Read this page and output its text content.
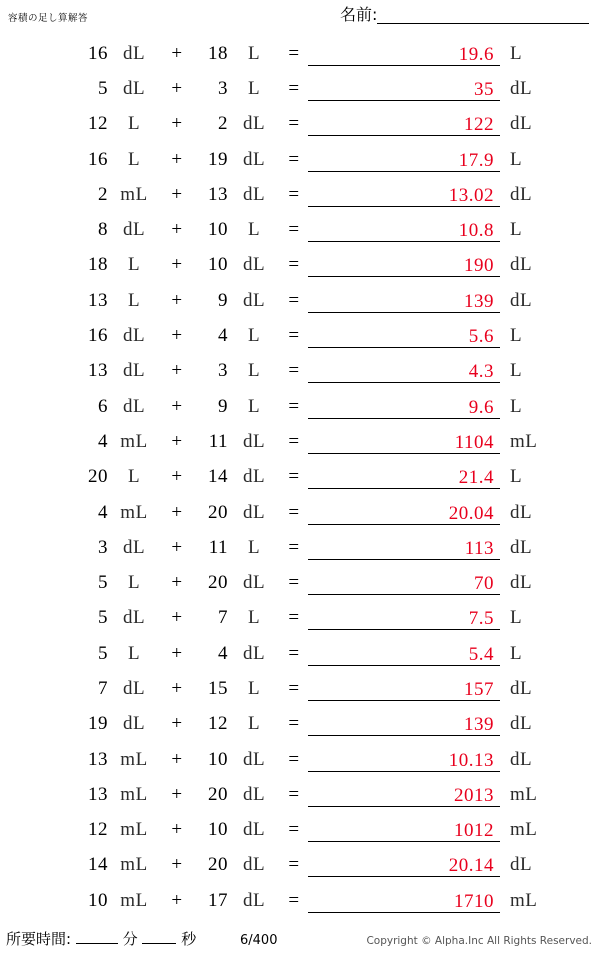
容積の足し算解答	名前:
16 dL	+	18	L	=	19.6 L
5 dL	+	3	L	=	35 dL
12	L	+	2 dL	=	122 dL
16	L	+	19 dL	=	17.9 L
2 mL	+	13 dL	=	13.02 dL
8 dL	+	10	L	=	10.8 L
18	L	+	10 dL	=	190 dL
13	L	+	9 dL	=	139 dL
16 dL	+	4	L	=	5.6 L
13 dL	+	3	L	=	4.3 L
6 dL	+	9	L	=	9.6 L
4 mL	+	11 dL	=	1104 mL
20	L	+	14 dL	=	21.4 L
4 mL	+	20 dL	=	20.04 dL
3 dL	+	11	L	=	113 dL
5	L	+	20 dL	=	70 dL
5 dL	+	7	L	=	7.5 L
5	L	+	4 dL	=	5.4 L
7 dL	+	15	L	=	157 dL
19 dL	+	12	L	=	139 dL
13 mL	+	10 dL	=	10.13 dL
13 mL	+	20 dL	=	2013 mL
12 mL	+	10 dL	=	1012 mL
14 mL	+	20 dL	=	20.14 dL
10 mL	+	17 dL	=	1710 mL
所要時間:	分	秒	6/400	Copyright © Alpha.Inc All Rights Reserved.
